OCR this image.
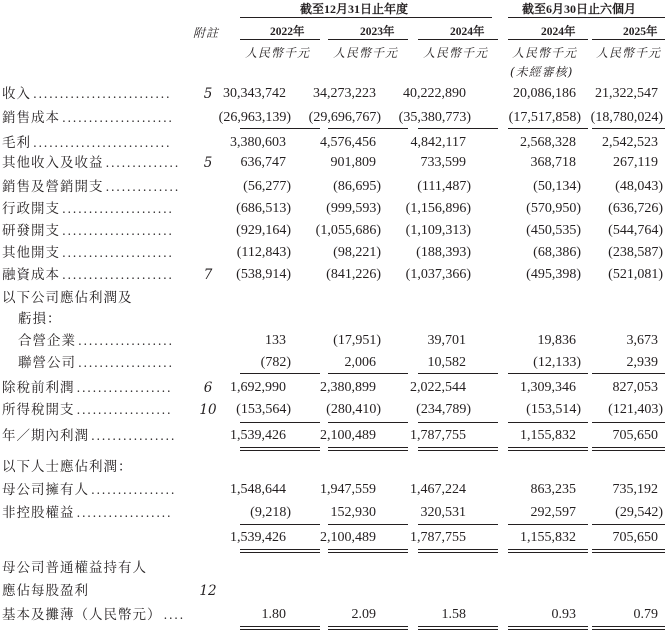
截至12月31日止年度	截至6月30日止六個月
附註	2022年	2023年	2024年	2024年	2025年
人民幣千元 人民幣千元 人民幣千元 人民幣千元 人民幣千元
(未經審核)
收入 ..........................	5 30,343,742	34,273,223	40,222,890	20,086,186	21,322,547
銷售成本 .....................	(26,963,139)	(29,696,767)	(35,380,773)	(17,517,858) (18,780,024)
毛利 ..........................	3,380,603	4,576,456	4,842,117	2,568,328	2,542,523
其他收入及收益 ..............	5	636,747	901,809	733,599	368,718	267,119
銷售及營銷開支 ..............	(56,277)	(86,695)	(111,487)	(50,134)	(48,043)
行政開支 .....................	(686,513)	(999,593)	(1,156,896)	(570,950)	(636,726)
研發開支 .....................	(929,164)	(1,055,686)	(1,109,313)	(450,535)	(544,764)
其他開支 .....................	(112,843)	(98,221)	(188,393)	(68,386)	(238,587)
融資成本 .....................	7	(538,914)	(841,226)	(1,037,366)	(495,398)	(521,081)
以下公司應佔利潤及
虧損：
合營企業 ..................	133	(17,951)	39,701	19,836	3,673
聯營公司 ..................	(782)	2,006	10,582	(12,133)	2,939
除稅前利潤 ..................	6	1,692,990	2,380,899	2,022,544	1,309,346	827,053
所得稅開支 .................. 10	(153,564)	(280,410)	(234,789)	(153,514)	(121,403)
年／期內利潤 ................	1,539,426	2,100,489	1,787,755	1,155,832	705,650
以下人士應佔利潤：
母公司擁有人 ................	1,548,644	1,947,559	1,467,224	863,235	735,192
非控股權益 ..................	(9,218)	152,930	320,531	292,597	(29,542)
1,539,426	2,100,489	1,787,755	1,155,832	705,650
母公司普通權益持有人
應佔每股盈利	12
基本及攤薄（人民幣元） ....	1.80	2.09	1.58	0.93	0.79
